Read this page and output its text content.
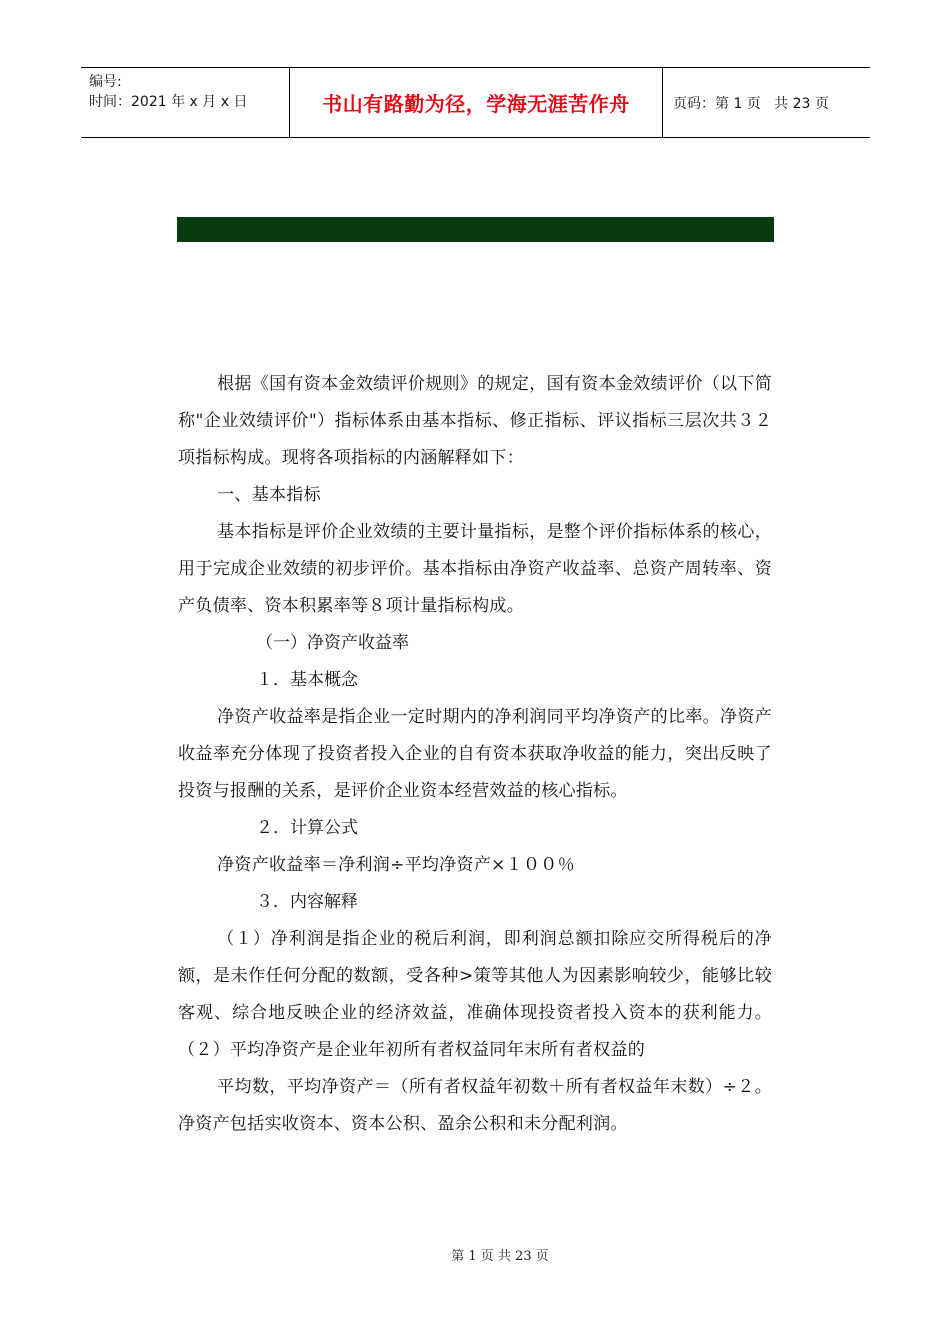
编号:
时间：2021 年 x 月 x 日	书山有路勤为径，学海无涯苦作舟	页码：第 1 页   共 23 页

根据《国有资本金效绩评价规则》的规定，国有资本金效绩评价（以下简称"企业效绩评价"）指标体系由基本指标、修正指标、评议指标三层次共３２项指标构成。现将各项指标的内涵解释如下：

一、基本指标

基本指标是评价企业效绩的主要计量指标，是整个评价指标体系的核心，用于完成企业效绩的初步评价。基本指标由净资产收益率、总资产周转率、资产负债率、资本积累率等８项计量指标构成。

（一）净资产收益率

１．基本概念

净资产收益率是指企业一定时期内的净利润同平均净资产的比率。净资产收益率充分体现了投资者投入企业的自有资本获取净收益的能力，突出反映了投资与报酬的关系，是评价企业资本经营效益的核心指标。

２．计算公式

净资产收益率＝净利润÷平均净资产×１００％

３．内容解释

（１）净利润是指企业的税后利润，即利润总额扣除应交所得税后的净额，是未作任何分配的数额，受各种>策等其他人为因素影响较少，能够比较客观、综合地反映企业的经济效益，准确体现投资者投入资本的获利能力。（２）平均净资产是企业年初所有者权益同年末所有者权益的

平均数，平均净资产＝（所有者权益年初数＋所有者权益年末数）÷２。净资产包括实收资本、资本公积、盈余公积和未分配利润。

第 1 页 共 23 页
